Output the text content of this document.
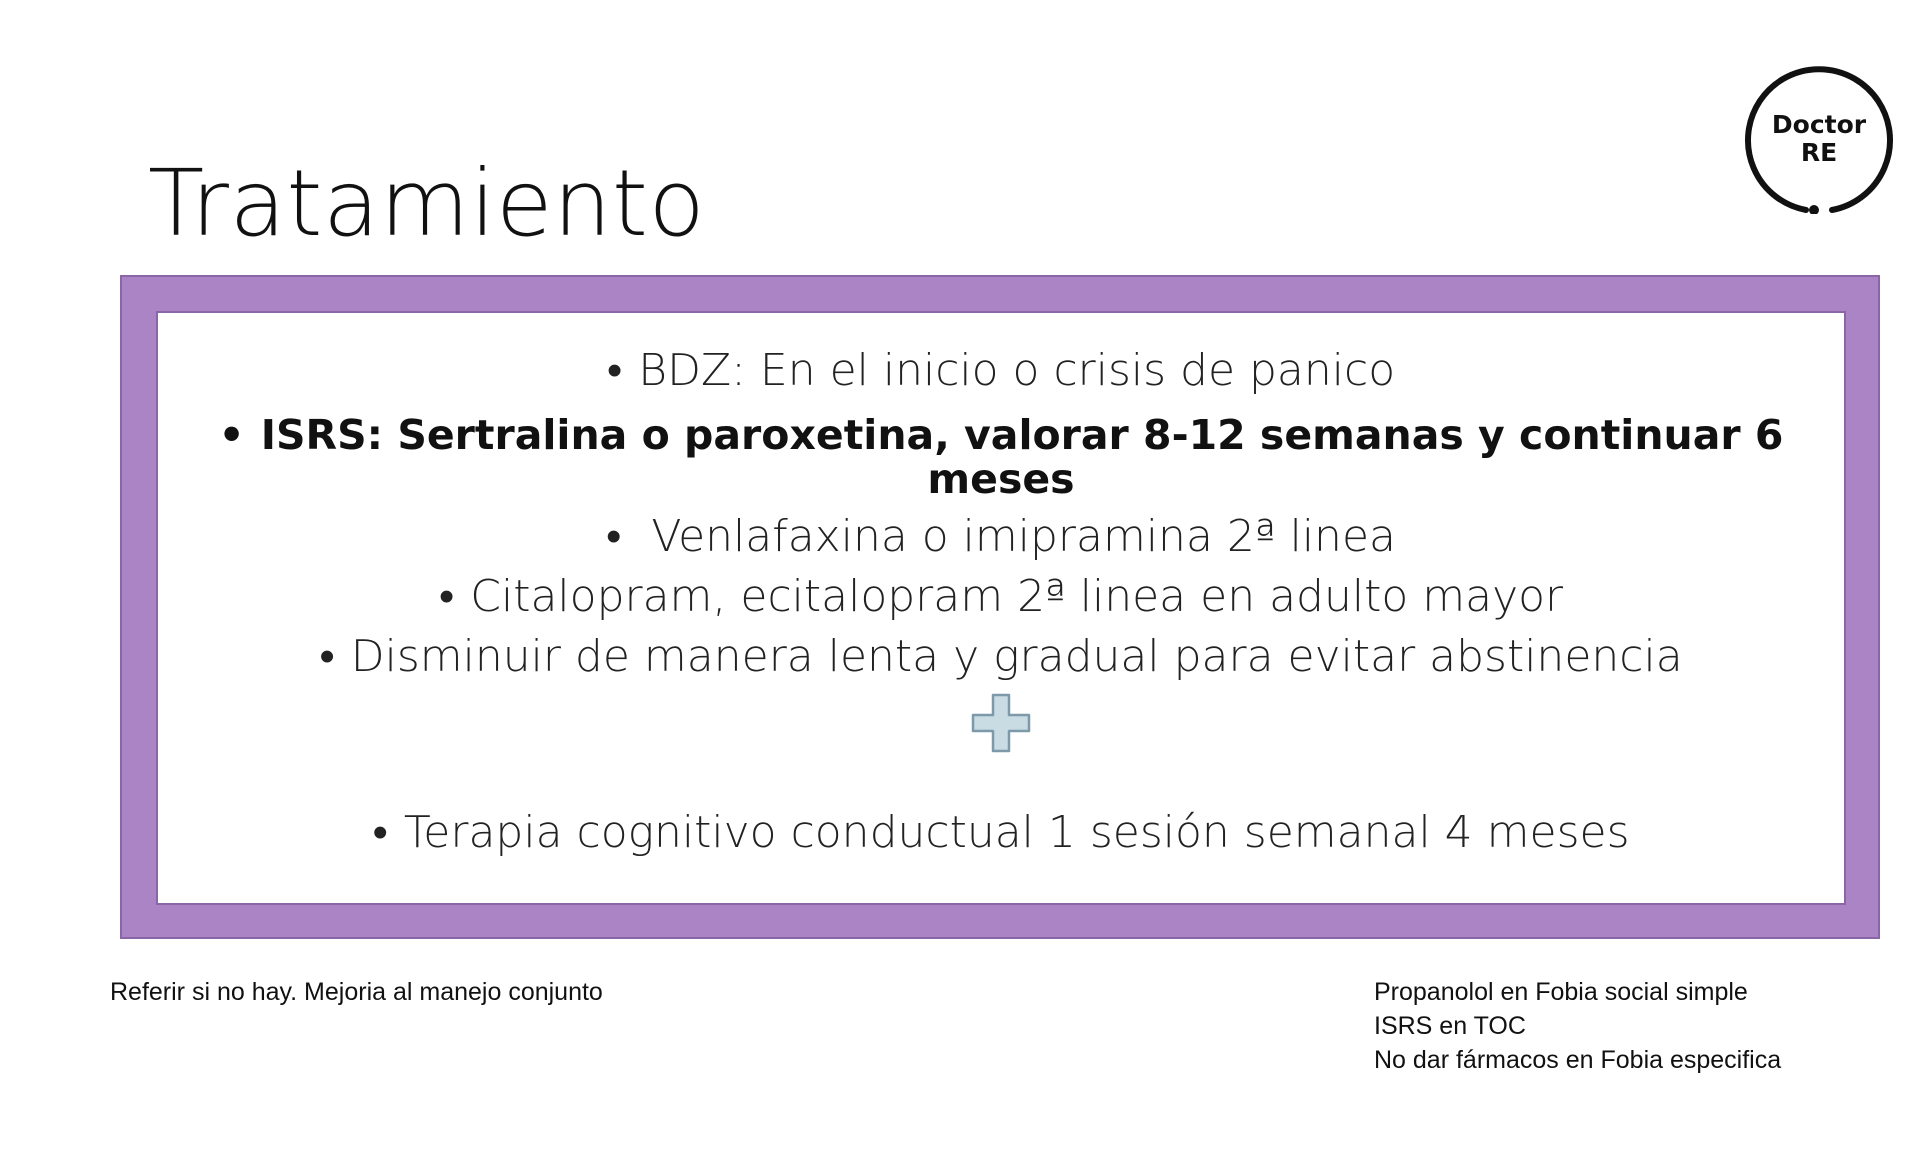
Tratamiento
Doctor
RE
• BDZ: En el inicio o crisis de panico
• ISRS: Sertralina o paroxetina, valorar 8-12 semanas y continuar 6 meses
• Venlafaxina o imipramina 2ª linea
• Citalopram, ecitalopram 2ª linea en adulto mayor
• Disminuir de manera lenta y gradual para evitar abstinencia
• Terapia cognitivo conductual 1 sesión semanal 4 meses
Referir si no hay. Mejoria al manejo conjunto	Propanolol en Fobia social simple
ISRS en TOC
No dar fármacos en Fobia especifica
